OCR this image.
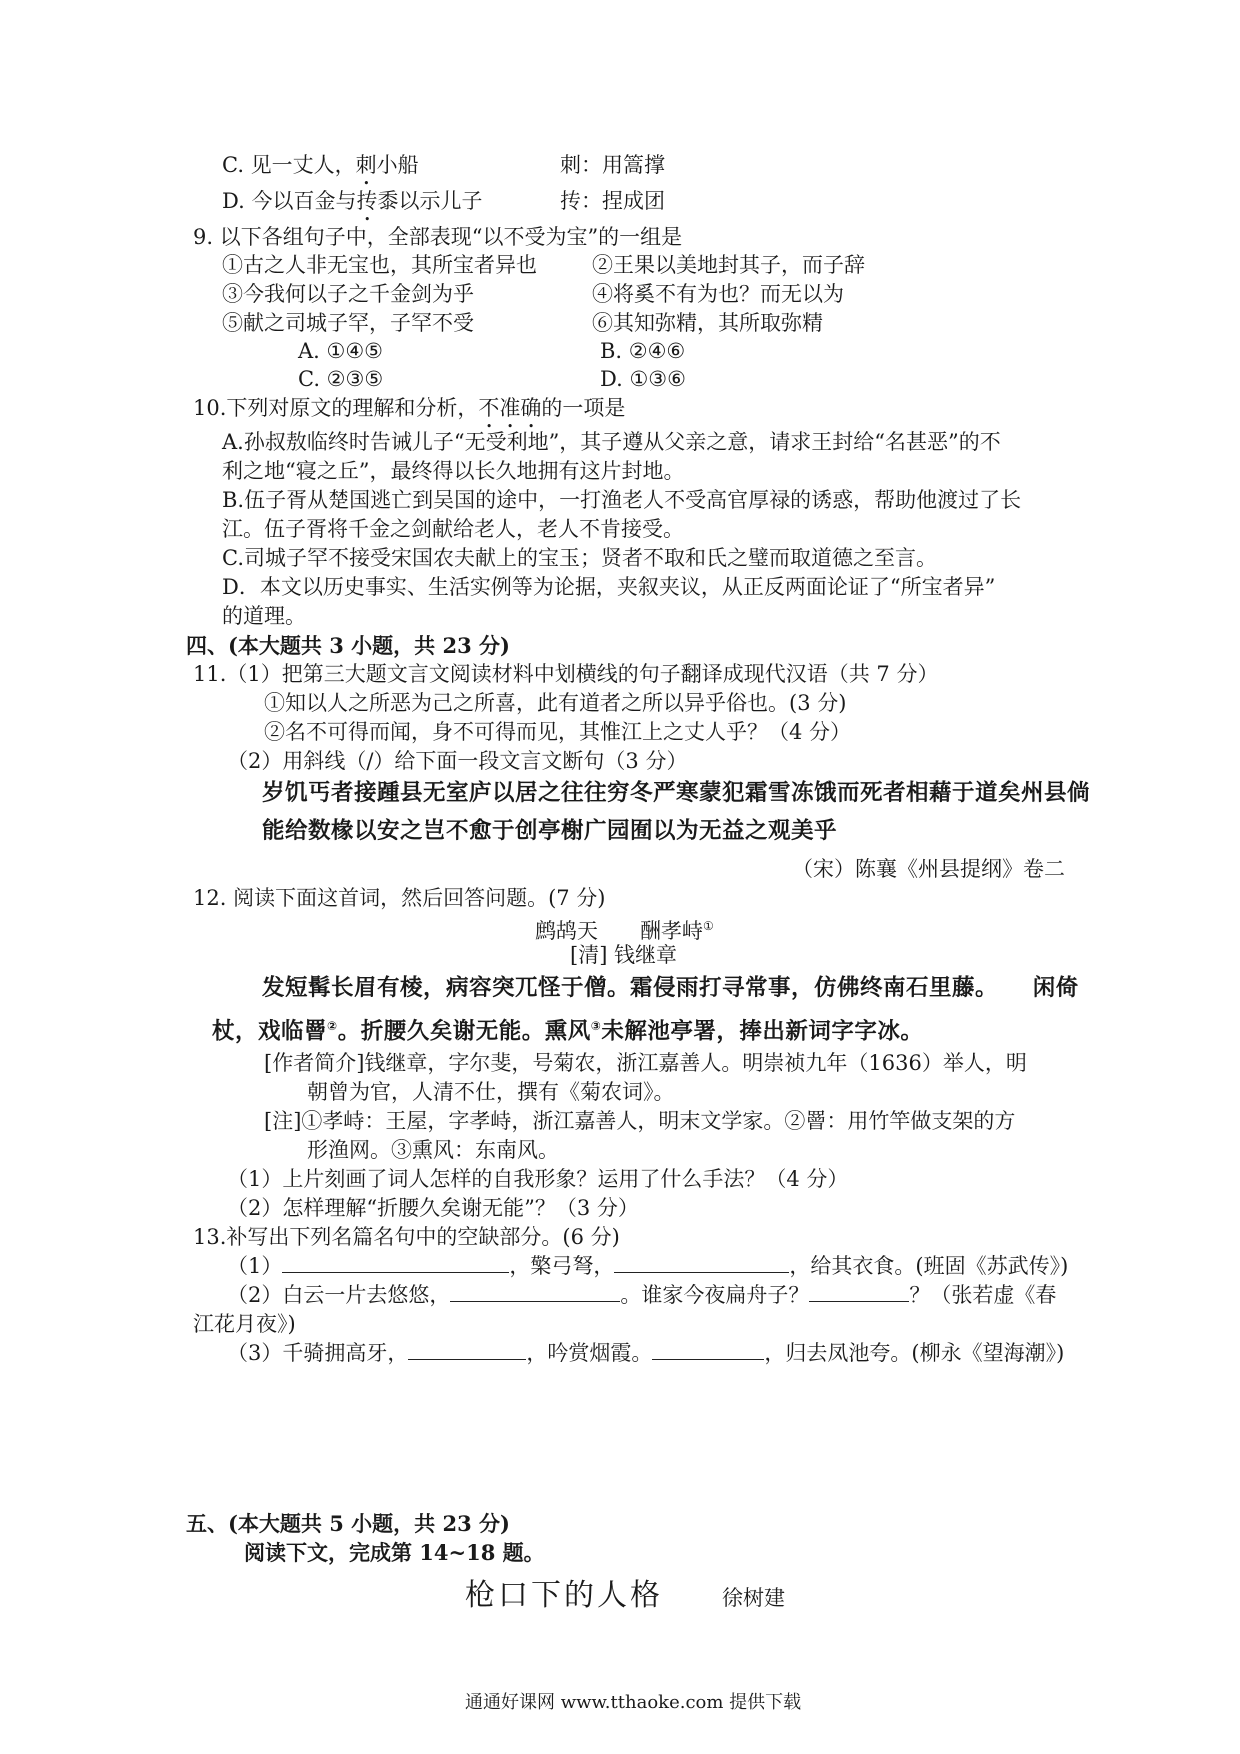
C. 见一丈人，刺小船	刺：用篙撑
D. 今以百金与抟黍以示儿子	抟：捏成团
9. 以下各组句子中，全部表现“以不受为宝”的一组是
①古之人非无宝也，其所宝者异也	②王果以美地封其子，而子辞
③今我何以子之千金剑为乎	④将奚不有为也？而无以为
⑤献之司城子罕，子罕不受	⑥其知弥精，其所取弥精
A. ①④⑤	B. ②④⑥
C. ②③⑤	D. ①③⑥
10.下列对原文的理解和分析，不准确的一项是
A.孙叔敖临终时告诫儿子“无受利地”，其子遵从父亲之意，请求王封给“名甚恶”的不
利之地“寝之丘”，最终得以长久地拥有这片封地。
B.伍子胥从楚国逃亡到吴国的途中，一打渔老人不受高官厚禄的诱惑，帮助他渡过了长
江。伍子胥将千金之剑献给老人，老人不肯接受。
C.司城子罕不接受宋国农夫献上的宝玉；贤者不取和氏之璧而取道德之至言。
D．本文以历史事实、生活实例等为论据，夹叙夹议，从正反两面论证了“所宝者异”
的道理。
四、(本大题共 3 小题，共 23 分)
11.（1）把第三大题文言文阅读材料中划横线的句子翻译成现代汉语（共 7 分）
①知以人之所恶为己之所喜，此有道者之所以异乎俗也。(3 分)
②名不可得而闻，身不可得而见，其惟江上之丈人乎？（4 分）
（2）用斜线（/）给下面一段文言文断句（3 分）
岁饥丐者接踵县无室庐以居之往往穷冬严寒蒙犯霜雪冻饿而死者相藉于道矣州县倘
能给数椽以安之岂不愈于创亭榭广园囿以为无益之观美乎
（宋）陈襄《州县提纲》卷二
12. 阅读下面这首词，然后回答问题。(7 分)
鹧鸪天　　酬孝峙①
[清] 钱继章
发短髯长眉有棱，病容突兀怪于僧。霜侵雨打寻常事，仿佛终南石里藤。　　闲倚
杖，戏临罾②。折腰久矣谢无能。熏风③未解池亭署，捧出新词字字冰。
[作者简介]钱继章，字尔斐，号菊农，浙江嘉善人。明崇祯九年（1636）举人，明
朝曾为官，人清不仕，撰有《菊农词》。
[注]①孝峙：王屋，字孝峙，浙江嘉善人，明末文学家。②罾：用竹竿做支架的方
形渔网。③熏风：东南风。
（1）上片刻画了词人怎样的自我形象？运用了什么手法？（4 分）
（2）怎样理解“折腰久矣谢无能”？（3 分）
13.补写出下列名篇名句中的空缺部分。(6 分)
（1）	，檠弓弩，	，给其衣食。(班固《苏武传》)
（2）白云一片去悠悠，	。谁家今夜扁舟子？	？（张若虚《春
江花月夜》)
（3）千骑拥高牙，	，吟赏烟霞。	，归去凤池夸。(柳永《望海潮》)
五、(本大题共 5 小题，共 23 分)
阅读下文，完成第 14~18 题。
枪口下的人格	徐树建
通通好课网 www.tthaoke.com 提供下载
